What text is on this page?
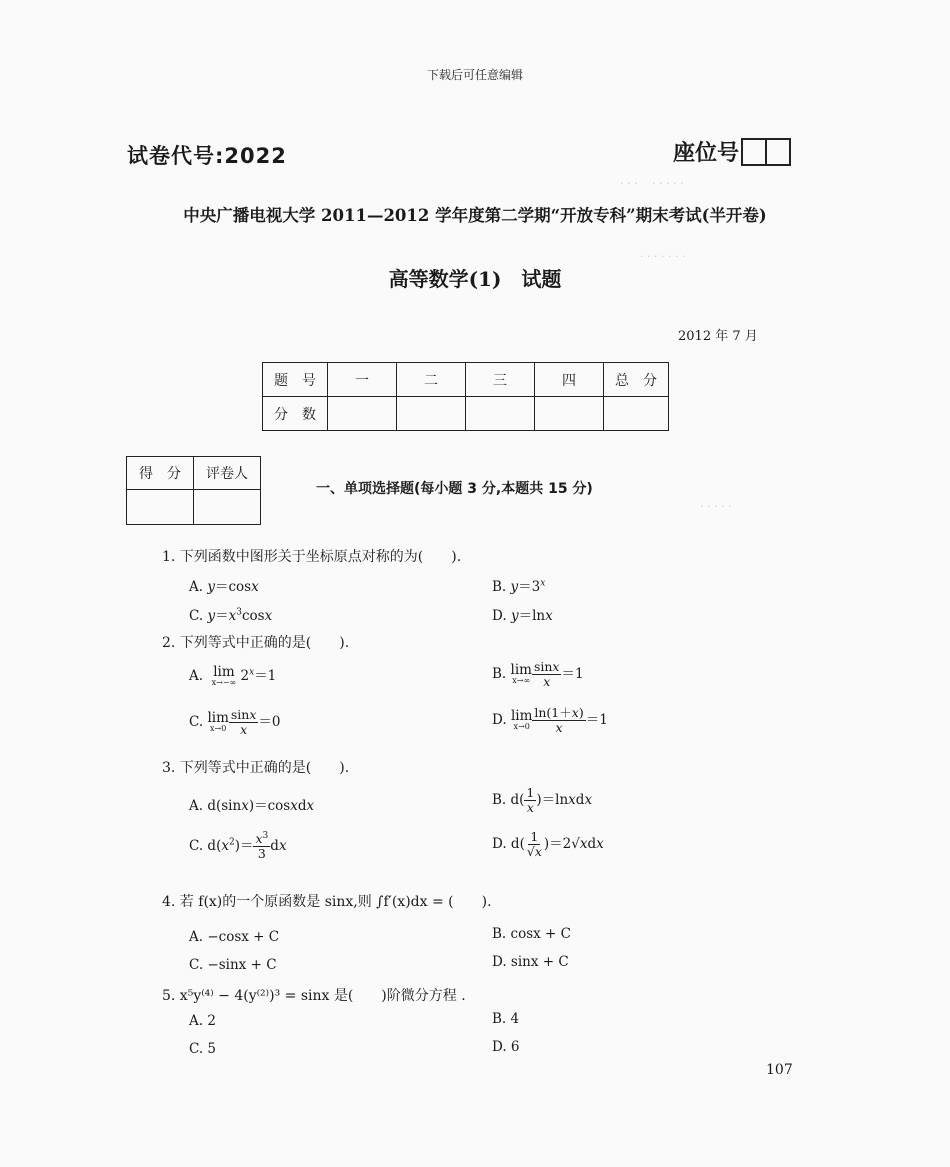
· · ·　 · · · · ·
· · · · · · ·
· · · · ·
下载后可任意编辑
试卷代号:2022	座位号
中央广播电视大学 2011—2012 学年度第二学期“开放专科”期末考试(半开卷)
高等数学(1)　试题
2012 年 7 月
题　号	一	二	三	四	总　分
分　数					
得　分	评卷人

一、单项选择题(每小题 3 分,本题共 15 分)
1. 下列函数中图形关于坐标原点对称的为(　　).
A. y＝cosx	B. $y=3^x$
C. $y=x^3\cos x$	D. y＝lnx
2. 下列等式中正确的是(　　).
A. lim
x→−∞ $2^x=1$	B. lim
$x\to\infty \frac{\sin x}{x} =1$
C. lim
$x\to 0 \frac{\sin x}{x} =0$	D. lim
$x\to 0 \frac{\ln(1+x)}{x} =1$
3. 下列等式中正确的是(　　).
A. d(sinx)＝cosxdx	B. $d( \frac{1}{x}$ )＝lnxdx
C. $d(x^2)= \frac{x^3}{3}$ dx	D. $d( \frac{1}{√x} )=2√xdx$
4. 若 f(x)的一个原函数是 sinx,则 ∫f′(x)dx = (　　).
A. −cosx + C	B. cosx + C
C. −sinx + C	D. sinx + C
5. x⁵y⁽⁴⁾ − 4(y⁽²⁾)³ = sinx 是(　　)阶微分方程 .
A. 2	B. 4
C. 5	D. 6
107
